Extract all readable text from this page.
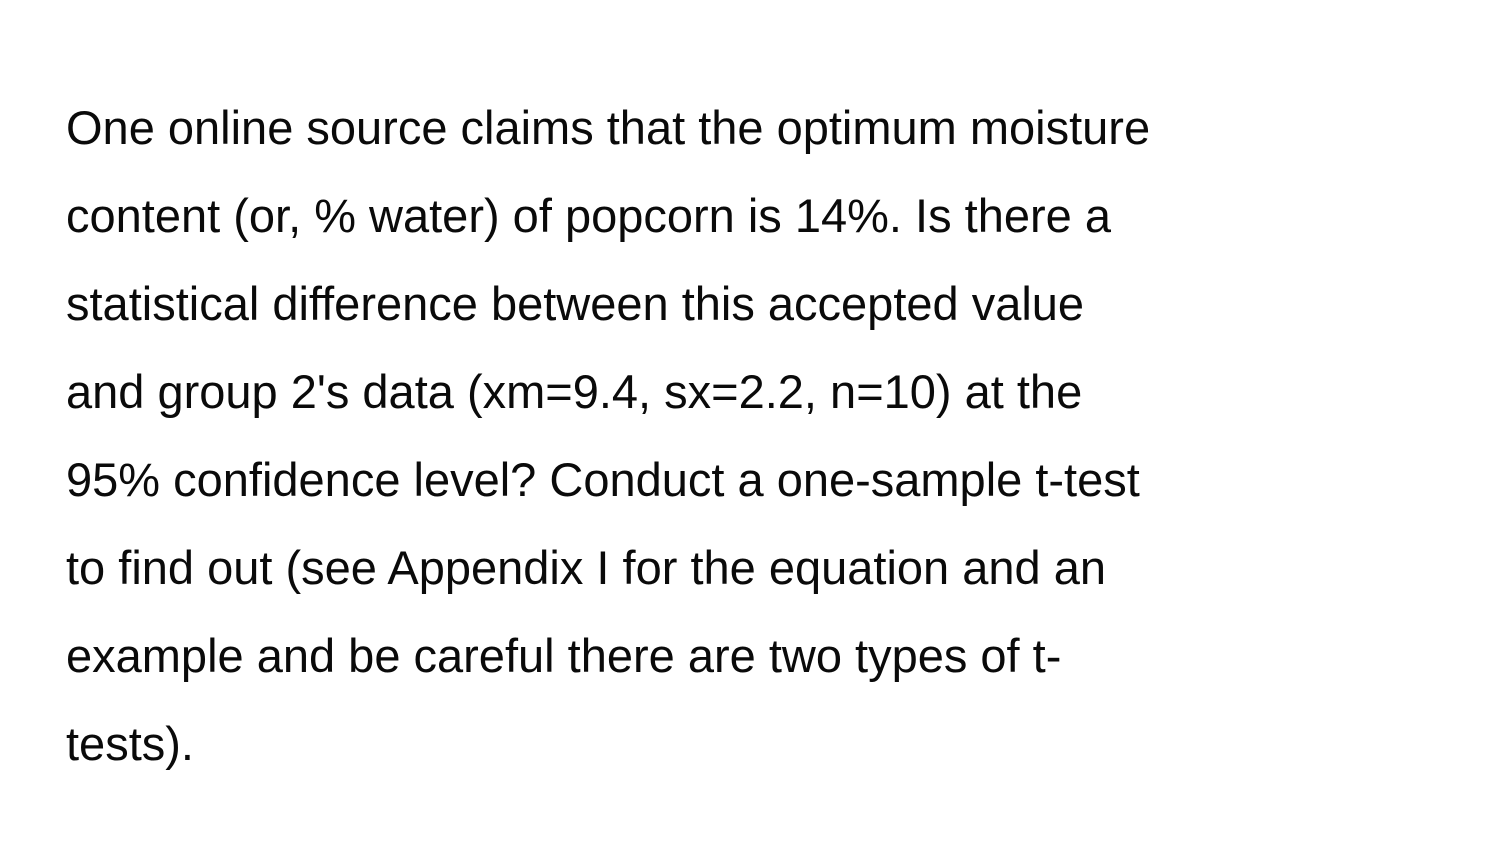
One online source claims that the optimum moisture
content (or, % water) of popcorn is 14%. Is there a
statistical difference between this accepted value
and group 2's data (xm=9.4, sx=2.2, n=10) at the
95% confidence level? Conduct a one-sample t-test
to find out (see Appendix I for the equation and an
example and be careful there are two types of t-
tests).
